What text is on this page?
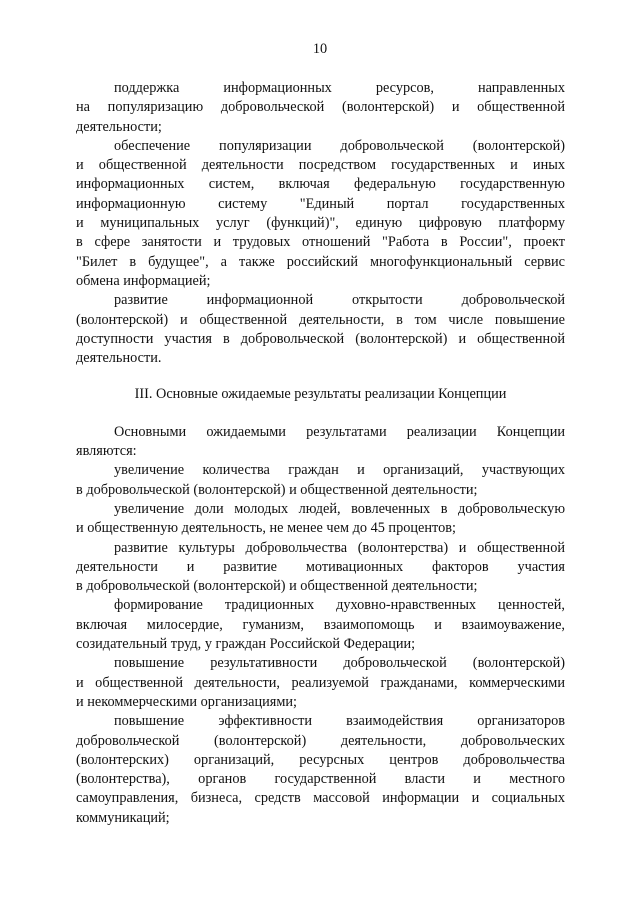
10
поддержка информационных ресурсов, направленных
на популяризацию добровольческой (волонтерской) и общественной
деятельности;
обеспечение популяризации добровольческой (волонтерской)
и общественной деятельности посредством государственных и иных
информационных систем, включая федеральную государственную
информационную систему "Единый портал государственных
и муниципальных услуг (функций)", единую цифровую платформу
в сфере занятости и трудовых отношений "Работа в России", проект
"Билет в будущее", а также российский многофункциональный сервис
обмена информацией;
развитие информационной открытости добровольческой
(волонтерской) и общественной деятельности, в том числе повышение
доступности участия в добровольческой (волонтерской) и общественной
деятельности.
III. Основные ожидаемые результаты реализации Концепции
Основными ожидаемыми результатами реализации Концепции
являются:
увеличение количества граждан и организаций, участвующих
в добровольческой (волонтерской) и общественной деятельности;
увеличение доли молодых людей, вовлеченных в добровольческую
и общественную деятельность, не менее чем до 45 процентов;
развитие культуры добровольчества (волонтерства) и общественной
деятельности и развитие мотивационных факторов участия
в добровольческой (волонтерской) и общественной деятельности;
формирование традиционных духовно-нравственных ценностей,
включая милосердие, гуманизм, взаимопомощь и взаимоуважение,
созидательный труд, у граждан Российской Федерации;
повышение результативности добровольческой (волонтерской)
и общественной деятельности, реализуемой гражданами, коммерческими
и некоммерческими организациями;
повышение эффективности взаимодействия организаторов
добровольческой (волонтерской) деятельности, добровольческих
(волонтерских) организаций, ресурсных центров добровольчества
(волонтерства), органов государственной власти и местного
самоуправления, бизнеса, средств массовой информации и социальных
коммуникаций;
